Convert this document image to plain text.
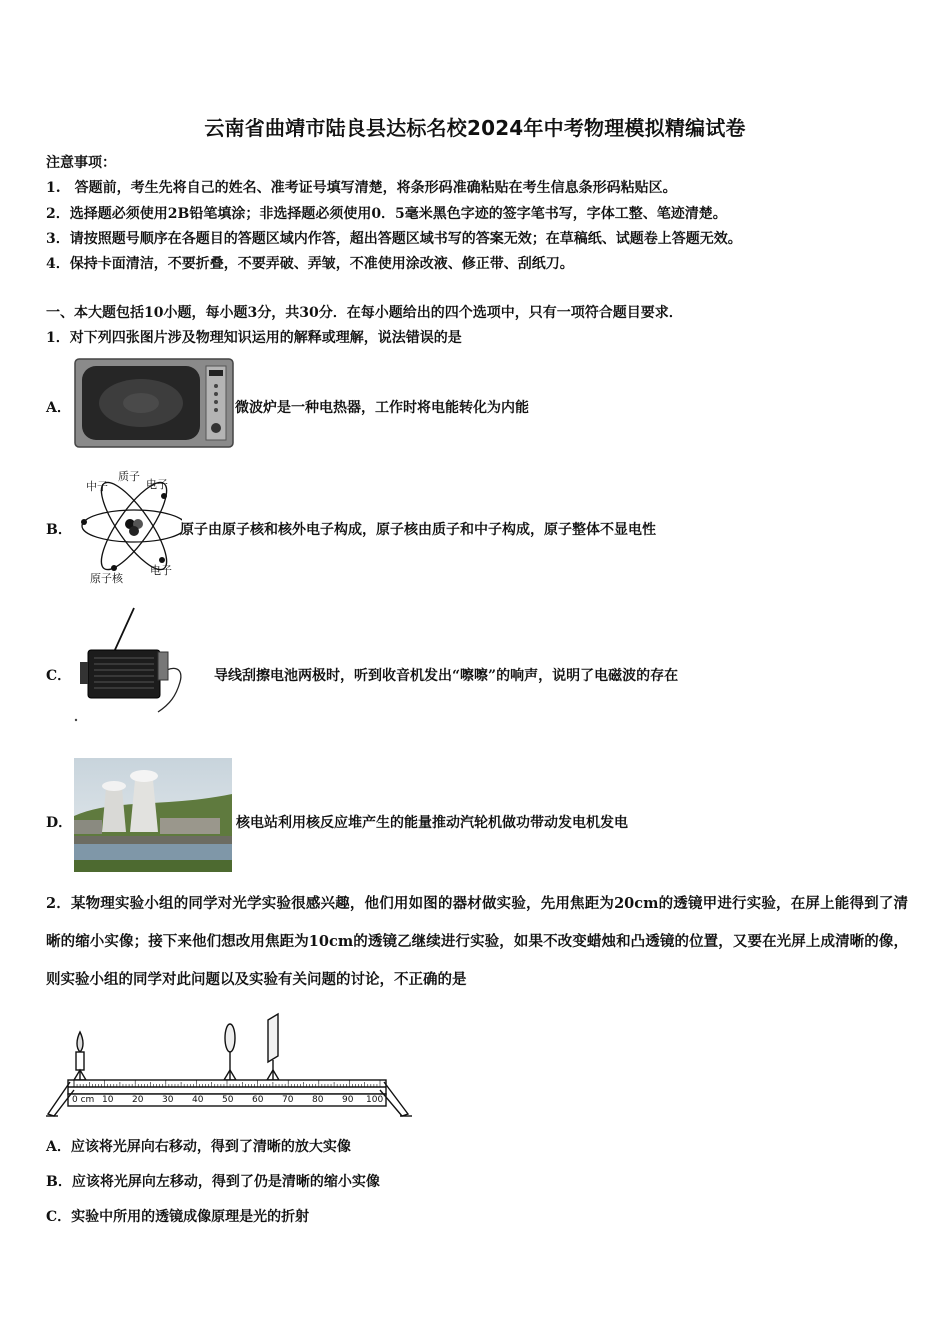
云南省曲靖市陆良县达标名校2024年中考物理模拟精编试卷
注意事项：
1.　答题前，考生先将自己的姓名、准考证号填写清楚，将条形码准确粘贴在考生信息条形码粘贴区。
2．选择题必须使用2B铅笔填涂；非选择题必须使用0．5毫米黑色字迹的签字笔书写，字体工整、笔迹清楚。
3．请按照题号顺序在各题目的答题区域内作答，超出答题区域书写的答案无效；在草稿纸、试题卷上答题无效。
4．保持卡面清洁，不要折叠，不要弄破、弄皱，不准使用涂改液、修正带、刮纸刀。
一、本大题包括10小题，每小题3分，共30分．在每小题给出的四个选项中，只有一项符合题目要求．
1．对下列四张图片涉及物理知识运用的解释或理解，说法错误的是
A．	微波炉是一种电热器，工作时将电能转化为内能
B．
中子
质子
电子
电子
原子核
原子由原子核和核外电子构成，原子核由质子和中子构成，原子整体不显电性
C．	导线刮擦电池两极时，听到收音机发出“嚓嚓”的响声，说明了电磁波的存在
D．	核电站利用核反应堆产生的能量推动汽轮机做功带动发电机发电
2．某物理实验小组的同学对光学实验很感兴趣，他们用如图的器材做实验，先用焦距为20cm的透镜甲进行实验，在屏上能得到了清晰的缩小实像；接下来他们想改用焦距为10cm的透镜乙继续进行实验，如果不改变蜡烛和凸透镜的位置，又要在光屏上成清晰的像，则实验小组的同学对此问题以及实验有关问题的讨论，不正确的是
0 cm 10 20 30 40 50 60 70 80 90 100
A．应该将光屏向右移动，得到了清晰的放大实像
B．应该将光屏向左移动，得到了仍是清晰的缩小实像
C．实验中所用的透镜成像原理是光的折射
